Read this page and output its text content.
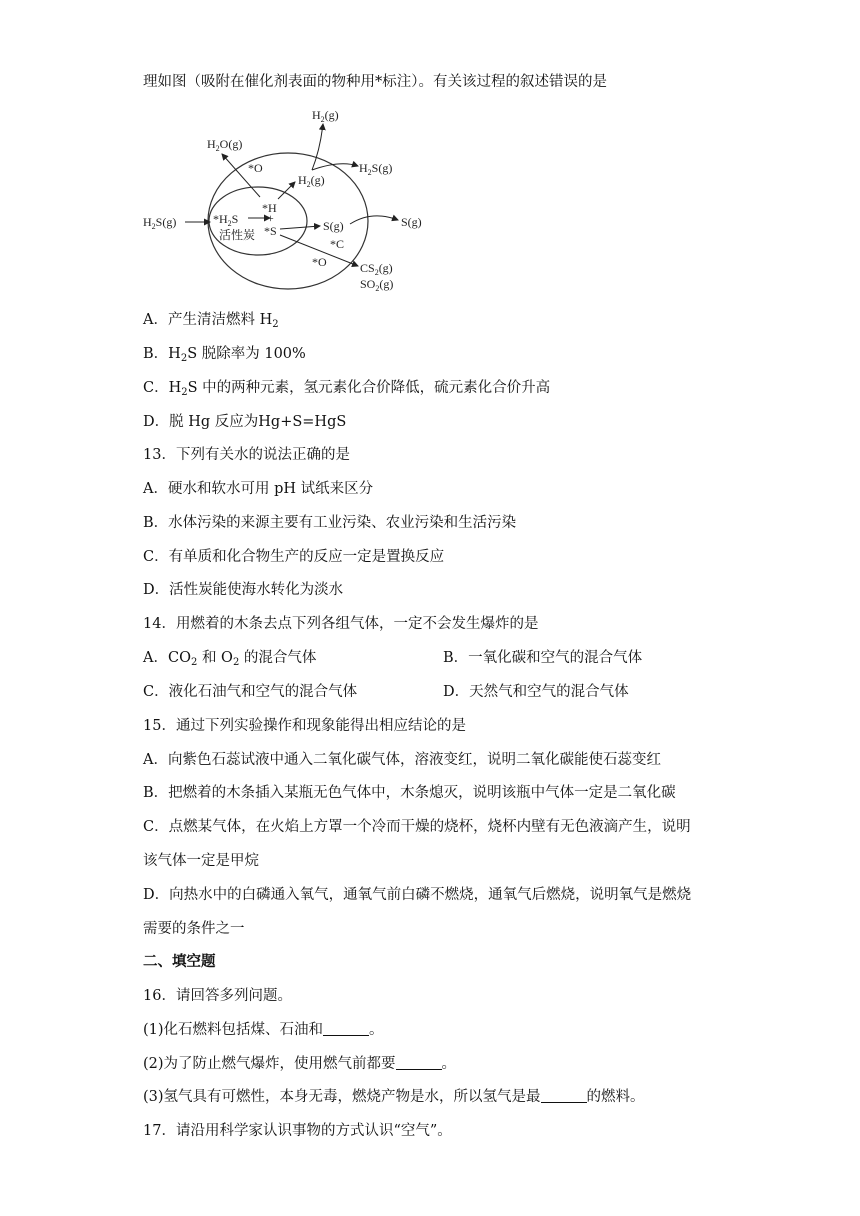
理如图（吸附在催化剂表面的物种用*标注）。有关该过程的叙述错误的是
$H_2(g)$
$H_2O(g)$
*O
$H_2(g)$
$H_2S(g)$
$H_2S(g)$	$*H_2S$
*H
+
*S
活性炭
S(g)	S(g)
*C
*O	$CS_2(g)$
$SO_2(g)$
A．产生清洁燃料 $H_2$
B．$H_2S$ 脱除率为 100%
C．$H_2S$ 中的两种元素，氢元素化合价降低，硫元素化合价升高
D．脱 Hg 反应为Hg+S=HgS
13．下列有关水的说法正确的是
A．硬水和软水可用 pH 试纸来区分
B．水体污染的来源主要有工业污染、农业污染和生活污染
C．有单质和化合物生产的反应一定是置换反应
D．活性炭能使海水转化为淡水
14．用燃着的木条去点下列各组气体，一定不会发生爆炸的是
A．$CO_2$ 和 $O_2$ 的混合气体	B．一氧化碳和空气的混合气体
C．液化石油气和空气的混合气体	D．天然气和空气的混合气体
15．通过下列实验操作和现象能得出相应结论的是
A．向紫色石蕊试液中通入二氧化碳气体，溶液变红，说明二氧化碳能使石蕊变红
B．把燃着的木条插入某瓶无色气体中，木条熄灭，说明该瓶中气体一定是二氧化碳
C．点燃某气体，在火焰上方罩一个冷而干燥的烧杯，烧杯内壁有无色液滴产生，说明
该气体一定是甲烷
D．向热水中的白磷通入氧气，通氧气前白磷不燃烧，通氧气后燃烧，说明氧气是燃烧
需要的条件之一
二、填空题
16．请回答多列问题。
(1)化石燃料包括煤、石油和	。
(2)为了防止燃气爆炸，使用燃气前都要	。
(3)氢气具有可燃性，本身无毒，燃烧产物是水，所以氢气是最	的燃料。
17．请沿用科学家认识事物的方式认识“空气”。
